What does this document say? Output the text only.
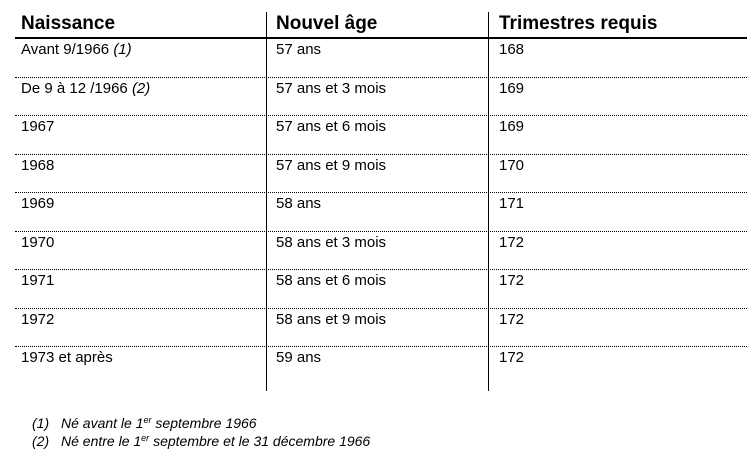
Naissance	Nouvel âge	Trimestres requis
Avant 9/1966 (1)	57 ans	168
De 9 à 12 /1966 (2)	57 ans et 3 mois	169
1967	57 ans et 6 mois	169
1968	57 ans et 9 mois	170
1969	58 ans	171
1970	58 ans et 3 mois	172
1971	58 ans et 6 mois	172
1972	58 ans et 9 mois	172
1973 et après	59 ans	172
(1) Né avant le 1er septembre 1966
(2) Né entre le 1er septembre et le 31 décembre 1966
